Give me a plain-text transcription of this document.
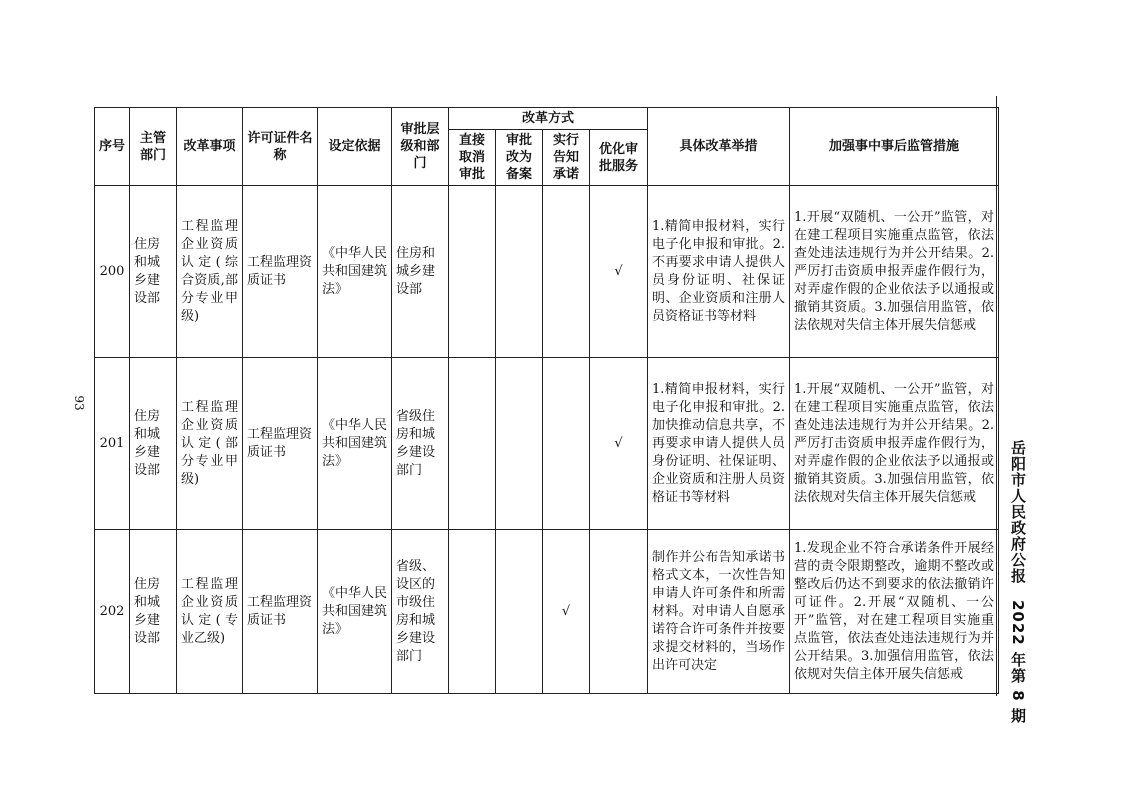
93
岳阳市人民政府公报　2022 年第 8 期
序号	主管部门	改革事项	许可证件名称	设定依据	审批层级和部门	改革方式				具体改革举措	加强事中事后监管措施
						直接取消审批	审批改为备案	实行告知承诺	优化审批服务		
200	住房和城乡建设部	工程监理企业资质认定(综合资质,部分专业甲级)	工程监理资质证书	《中华人民共和国建筑法》	住房和城乡建设部				√	1.精简申报材料，实行电子化申报和审批。2.不再要求申请人提供人员身份证明、社保证明、企业资质和注册人员资格证书等材料	1.开展“双随机、一公开”监管，对在建工程项目实施重点监管，依法查处违法违规行为并公开结果。2.严厉打击资质申报弄虚作假行为，对弄虚作假的企业依法予以通报或撤销其资质。3.加强信用监管，依法依规对失信主体开展失信惩戒
201	住房和城乡建设部	工程监理企业资质认定(部分专业甲级)	工程监理资质证书	《中华人民共和国建筑法》	省级住房和城乡建设部门				√	1.精简申报材料，实行电子化申报和审批。2.加快推动信息共享，不再要求申请人提供人员身份证明、社保证明、企业资质和注册人员资格证书等材料	1.开展“双随机、一公开”监管，对在建工程项目实施重点监管，依法查处违法违规行为并公开结果。2.严厉打击资质申报弄虚作假行为，对弄虚作假的企业依法予以通报或撤销其资质。3.加强信用监管，依法依规对失信主体开展失信惩戒
202	住房和城乡建设部	工程监理企业资质认定(专业乙级)	工程监理资质证书	《中华人民共和国建筑法》	省级、设区的市级住房和城乡建设部门			√		制作并公布告知承诺书格式文本，一次性告知申请人许可条件和所需材料。对申请人自愿承诺符合许可条件并按要求提交材料的，当场作出许可决定	1.发现企业不符合承诺条件开展经营的责令限期整改，逾期不整改或整改后仍达不到要求的依法撤销许可证件。2.开展“双随机、一公开”监管，对在建工程项目实施重点监管，依法查处违法违规行为并公开结果。3.加强信用监管，依法依规对失信主体开展失信惩戒
